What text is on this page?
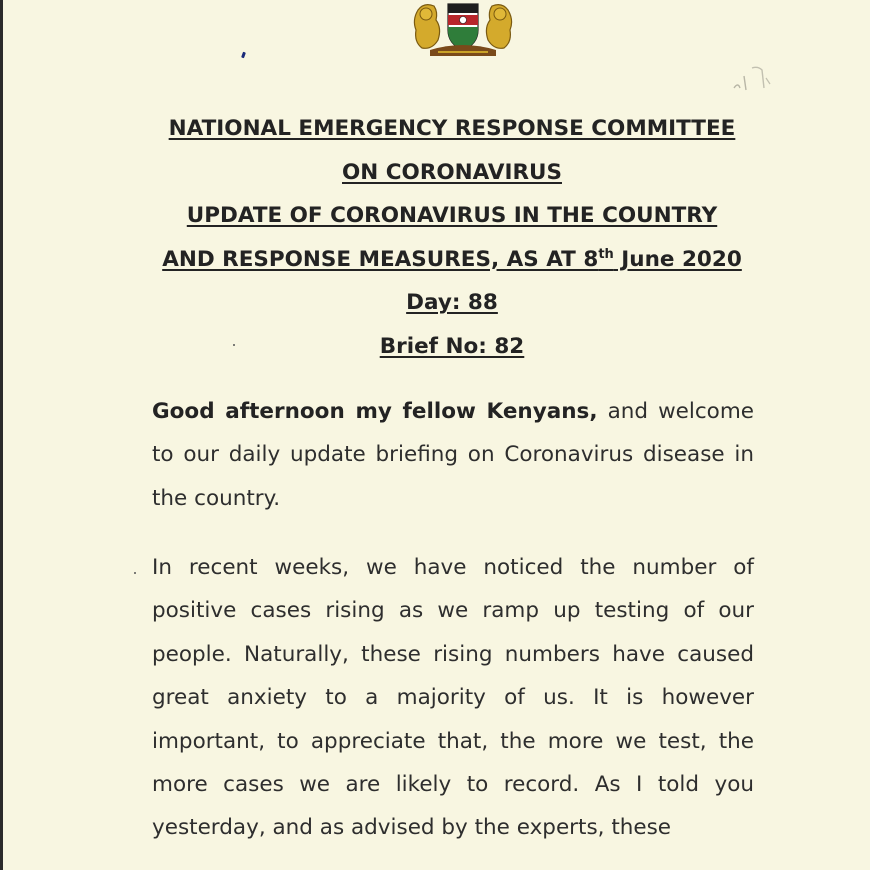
NATIONAL EMERGENCY RESPONSE COMMITTEE
ON CORONAVIRUS
UPDATE OF CORONAVIRUS IN THE COUNTRY
AND RESPONSE MEASURES, AS AT 8th June 2020
Day: 88
Brief No: 82
Good afternoon my fellow Kenyans, and welcome to our daily update briefing on Coronavirus disease in the country.
In recent weeks, we have noticed the number of positive cases rising as we ramp up testing of our people. Naturally, these rising numbers have caused great anxiety to a majority of us. It is however important, to appreciate that, the more we test, the more cases we are likely to record. As I told you yesterday, and as advised by the experts, these
